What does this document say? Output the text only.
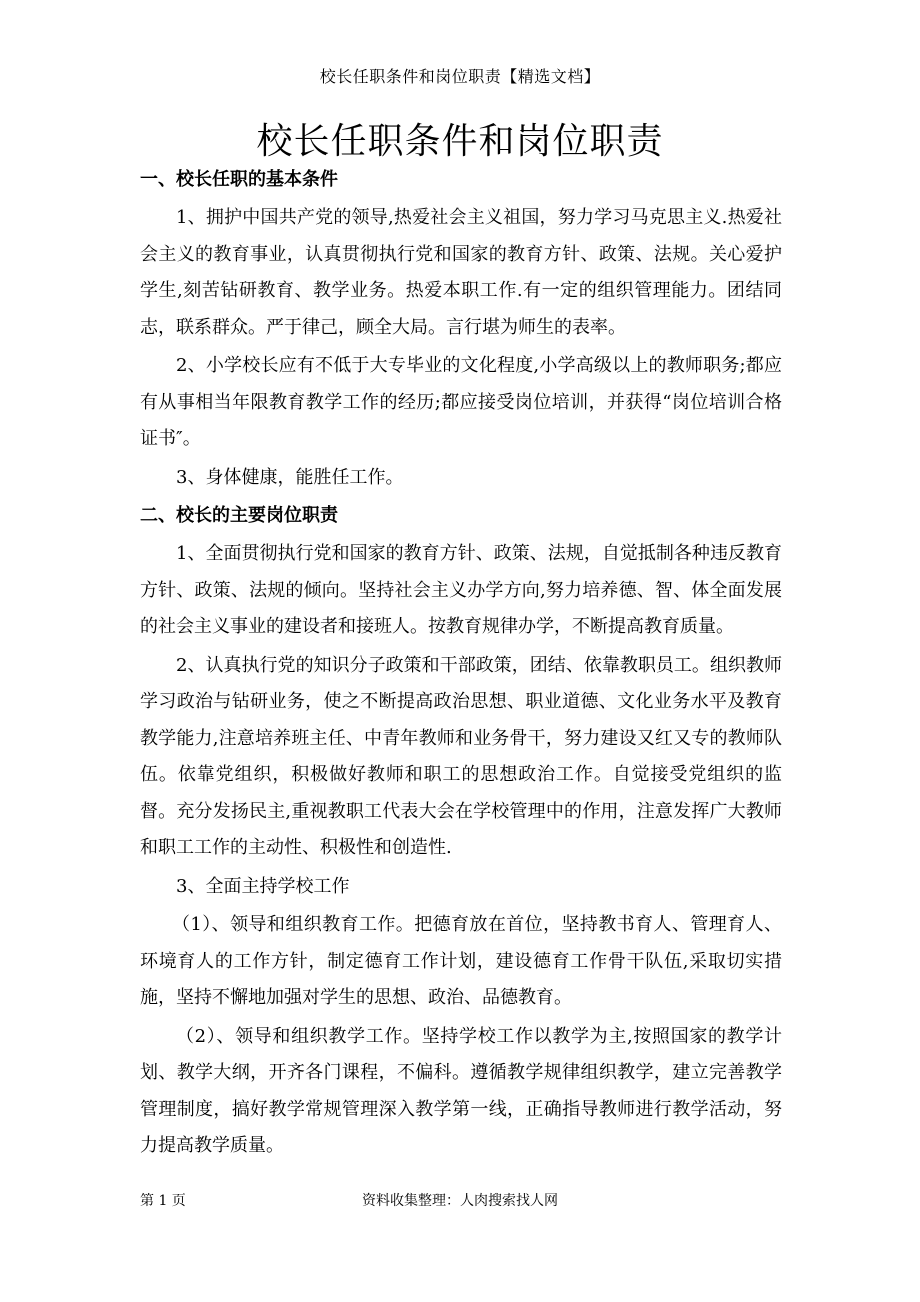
校长任职条件和岗位职责【精选文档】
校长任职条件和岗位职责
一、校长任职的基本条件
1、拥护中国共产党的领导,热爱社会主义祖国，努力学习马克思主义.热爱社会主义的教育事业，认真贯彻执行党和国家的教育方针、政策、法规。关心爱护学生,刻苦钻研教育、教学业务。热爱本职工作.有一定的组织管理能力。团结同志，联系群众。严于律己，顾全大局。言行堪为师生的表率。
2、小学校长应有不低于大专毕业的文化程度,小学高级以上的教师职务;都应有从事相当年限教育教学工作的经历;都应接受岗位培训，并获得“岗位培训合格证书″。
3、身体健康，能胜任工作。
二、校长的主要岗位职责
1、全面贯彻执行党和国家的教育方针、政策、法规，自觉抵制各种违反教育方针、政策、法规的倾向。坚持社会主义办学方向,努力培养德、智、体全面发展的社会主义事业的建设者和接班人。按教育规律办学，不断提高教育质量。
2、认真执行党的知识分子政策和干部政策，团结、依靠教职员工。组织教师学习政治与钻研业务，使之不断提高政治思想、职业道德、文化业务水平及教育教学能力,注意培养班主任、中青年教师和业务骨干，努力建设又红又专的教师队伍。依靠党组织，积极做好教师和职工的思想政治工作。自觉接受党组织的监督。充分发扬民主,重视教职工代表大会在学校管理中的作用，注意发挥广大教师和职工工作的主动性、积极性和创造性.
3、全面主持学校工作
（1）、领导和组织教育工作。把德育放在首位，坚持教书育人、管理育人、环境育人的工作方针，制定德育工作计划，建设德育工作骨干队伍,采取切实措施，坚持不懈地加强对学生的思想、政治、品德教育。
（2）、领导和组织教学工作。坚持学校工作以教学为主,按照国家的教学计划、教学大纲，开齐各门课程，不偏科。遵循教学规律组织教学，建立完善教学管理制度，搞好教学常规管理深入教学第一线，正确指导教师进行教学活动，努力提高教学质量。
第 1 页	资料收集整理：人肉搜索找人网
